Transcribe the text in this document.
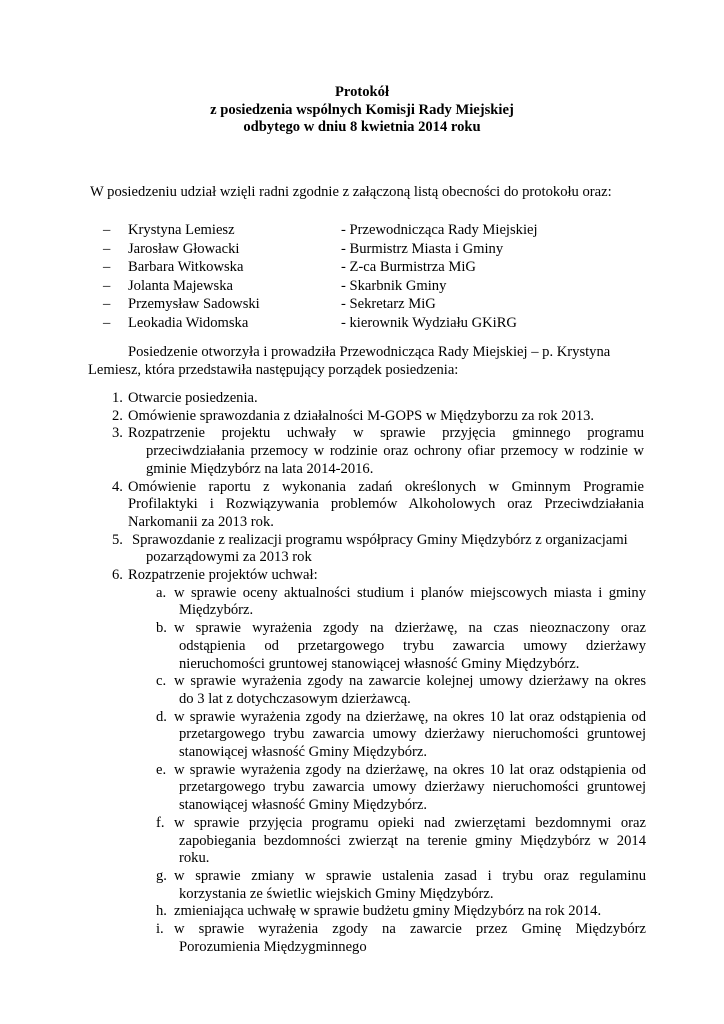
Protokół
z posiedzenia wspólnych Komisji Rady Miejskiej
odbytego w dniu 8 kwietnia 2014 roku
W posiedzeniu udział wzięli radni zgodnie z załączoną listą obecności do protokołu oraz:
– Krystyna Lemiesz	- Przewodnicząca Rady Miejskiej
– Jarosław Głowacki	- Burmistrz Miasta i Gminy
– Barbara Witkowska	- Z-ca Burmistrza MiG
– Jolanta Majewska	- Skarbnik Gminy
– Przemysław Sadowski	- Sekretarz MiG
– Leokadia Widomska	- kierownik Wydziału GKiRG

Posiedzenie otworzyła i prowadziła Przewodnicząca Rady Miejskiej – p. Krystyna

Lemiesz, która przedstawiła następujący porządek posiedzenia:
1. Otwarcie posiedzenia.
2. Omówienie sprawozdania z działalności M-GOPS w Międzyborzu za rok 2013.
3. Rozpatrzenie projektu uchwały w sprawie przyjęcia gminnego programu
przeciwdziałania przemocy w rodzinie oraz ochrony ofiar przemocy w rodzinie w
gminie Międzybórz na lata 2014-2016.
4. Omówienie raportu z wykonania zadań określonych w Gminnym Programie
Profilaktyki i Rozwiązywania problemów Alkoholowych oraz Przeciwdziałania
Narkomanii za 2013 rok.
5. Sprawozdanie z realizacji programu współpracy Gminy Międzybórz z organizacjami
pozarządowymi za 2013 rok
6. Rozpatrzenie projektów uchwał:
a. w sprawie oceny aktualności studium i planów miejscowych miasta i gminy
Międzybórz.
b. w sprawie wyrażenia zgody na dzierżawę, na czas nieoznaczony oraz
odstąpienia od przetargowego trybu zawarcia umowy dzierżawy
nieruchomości gruntowej stanowiącej własność Gminy Międzybórz.
c. w sprawie wyrażenia zgody na zawarcie kolejnej umowy dzierżawy na okres
do 3 lat z dotychczasowym dzierżawcą.
d. w sprawie wyrażenia zgody na dzierżawę, na okres 10 lat oraz odstąpienia od
przetargowego trybu zawarcia umowy dzierżawy nieruchomości gruntowej
stanowiącej własność Gminy Międzybórz.
e. w sprawie wyrażenia zgody na dzierżawę, na okres 10 lat oraz odstąpienia od
przetargowego trybu zawarcia umowy dzierżawy nieruchomości gruntowej
stanowiącej własność Gminy Międzybórz.
f. w sprawie przyjęcia programu opieki nad zwierzętami bezdomnymi oraz
zapobiegania bezdomności zwierząt na terenie gminy Międzybórz w 2014
roku.
g. w sprawie zmiany w sprawie ustalenia zasad i trybu oraz regulaminu
korzystania ze świetlic wiejskich Gminy Międzybórz.
h. zmieniająca uchwałę w sprawie budżetu gminy Międzybórz na rok 2014.
i. w sprawie wyrażenia zgody na zawarcie przez Gminę Międzybórz
Porozumienia Międzygminnego
